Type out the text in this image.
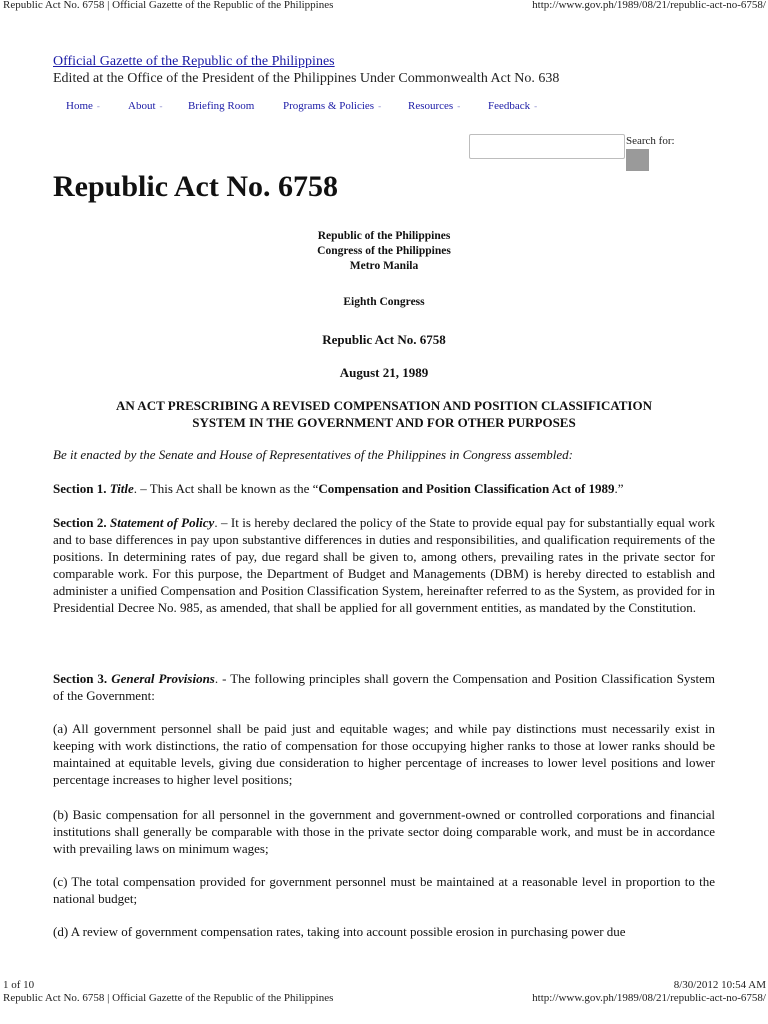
Republic Act No. 6758 | Official Gazette of the Republic of the Philippines	http://www.gov.ph/1989/08/21/republic-act-no-6758/
Official Gazette of the Republic of the Philippines
Edited at the Office of the President of the Philippines Under Commonwealth Act No. 638
Home -	About - Briefing Room	Programs & Policies - Resources -	Feedback -
Search for:
Republic Act No. 6758
Republic of the Philippines
Congress of the Philippines
Metro Manila
Eighth Congress
Republic Act No. 6758
August 21, 1989
AN ACT PRESCRIBING A REVISED COMPENSATION AND POSITION CLASSIFICATION
SYSTEM IN THE GOVERNMENT AND FOR OTHER PURPOSES

Be it enacted by the Senate and House of Representatives of the Philippines in Congress assembled:

Section 1. Title. – This Act shall be known as the “Compensation and Position Classification Act of 1989.”

Section 2. Statement of Policy. – It is hereby declared the policy of the State to provide equal pay for substantially equal work and to base differences in pay upon substantive differences in duties and responsibilities, and qualification requirements of the positions. In determining rates of pay, due regard shall be given to, among others, prevailing rates in the private sector for comparable work. For this purpose, the Department of Budget and Managements (DBM) is hereby directed to establish and administer a unified Compensation and Position Classification System, hereinafter referred to as the System, as provided for in Presidential Decree No. 985, as amended, that shall be applied for all government entities, as mandated by the Constitution.

Section 3. General Provisions. - The following principles shall govern the Compensation and Position Classification System of the Government:

(a) All government personnel shall be paid just and equitable wages; and while pay distinctions must necessarily exist in keeping with work distinctions, the ratio of compensation for those occupying higher ranks to those at lower ranks should be maintained at equitable levels, giving due consideration to higher percentage of increases to lower level positions and lower percentage increases to higher level positions;

(b) Basic compensation for all personnel in the government and government-owned or controlled corporations and financial institutions shall generally be comparable with those in the private sector doing comparable work, and must be in accordance with prevailing laws on minimum wages;

(c) The total compensation provided for government personnel must be maintained at a reasonable level in proportion to the national budget;

(d) A review of government compensation rates, taking into account possible erosion in purchasing power due

1 of 10	8/30/2012 10:54 AM
Republic Act No. 6758 | Official Gazette of the Republic of the Philippines	http://www.gov.ph/1989/08/21/republic-act-no-6758/
